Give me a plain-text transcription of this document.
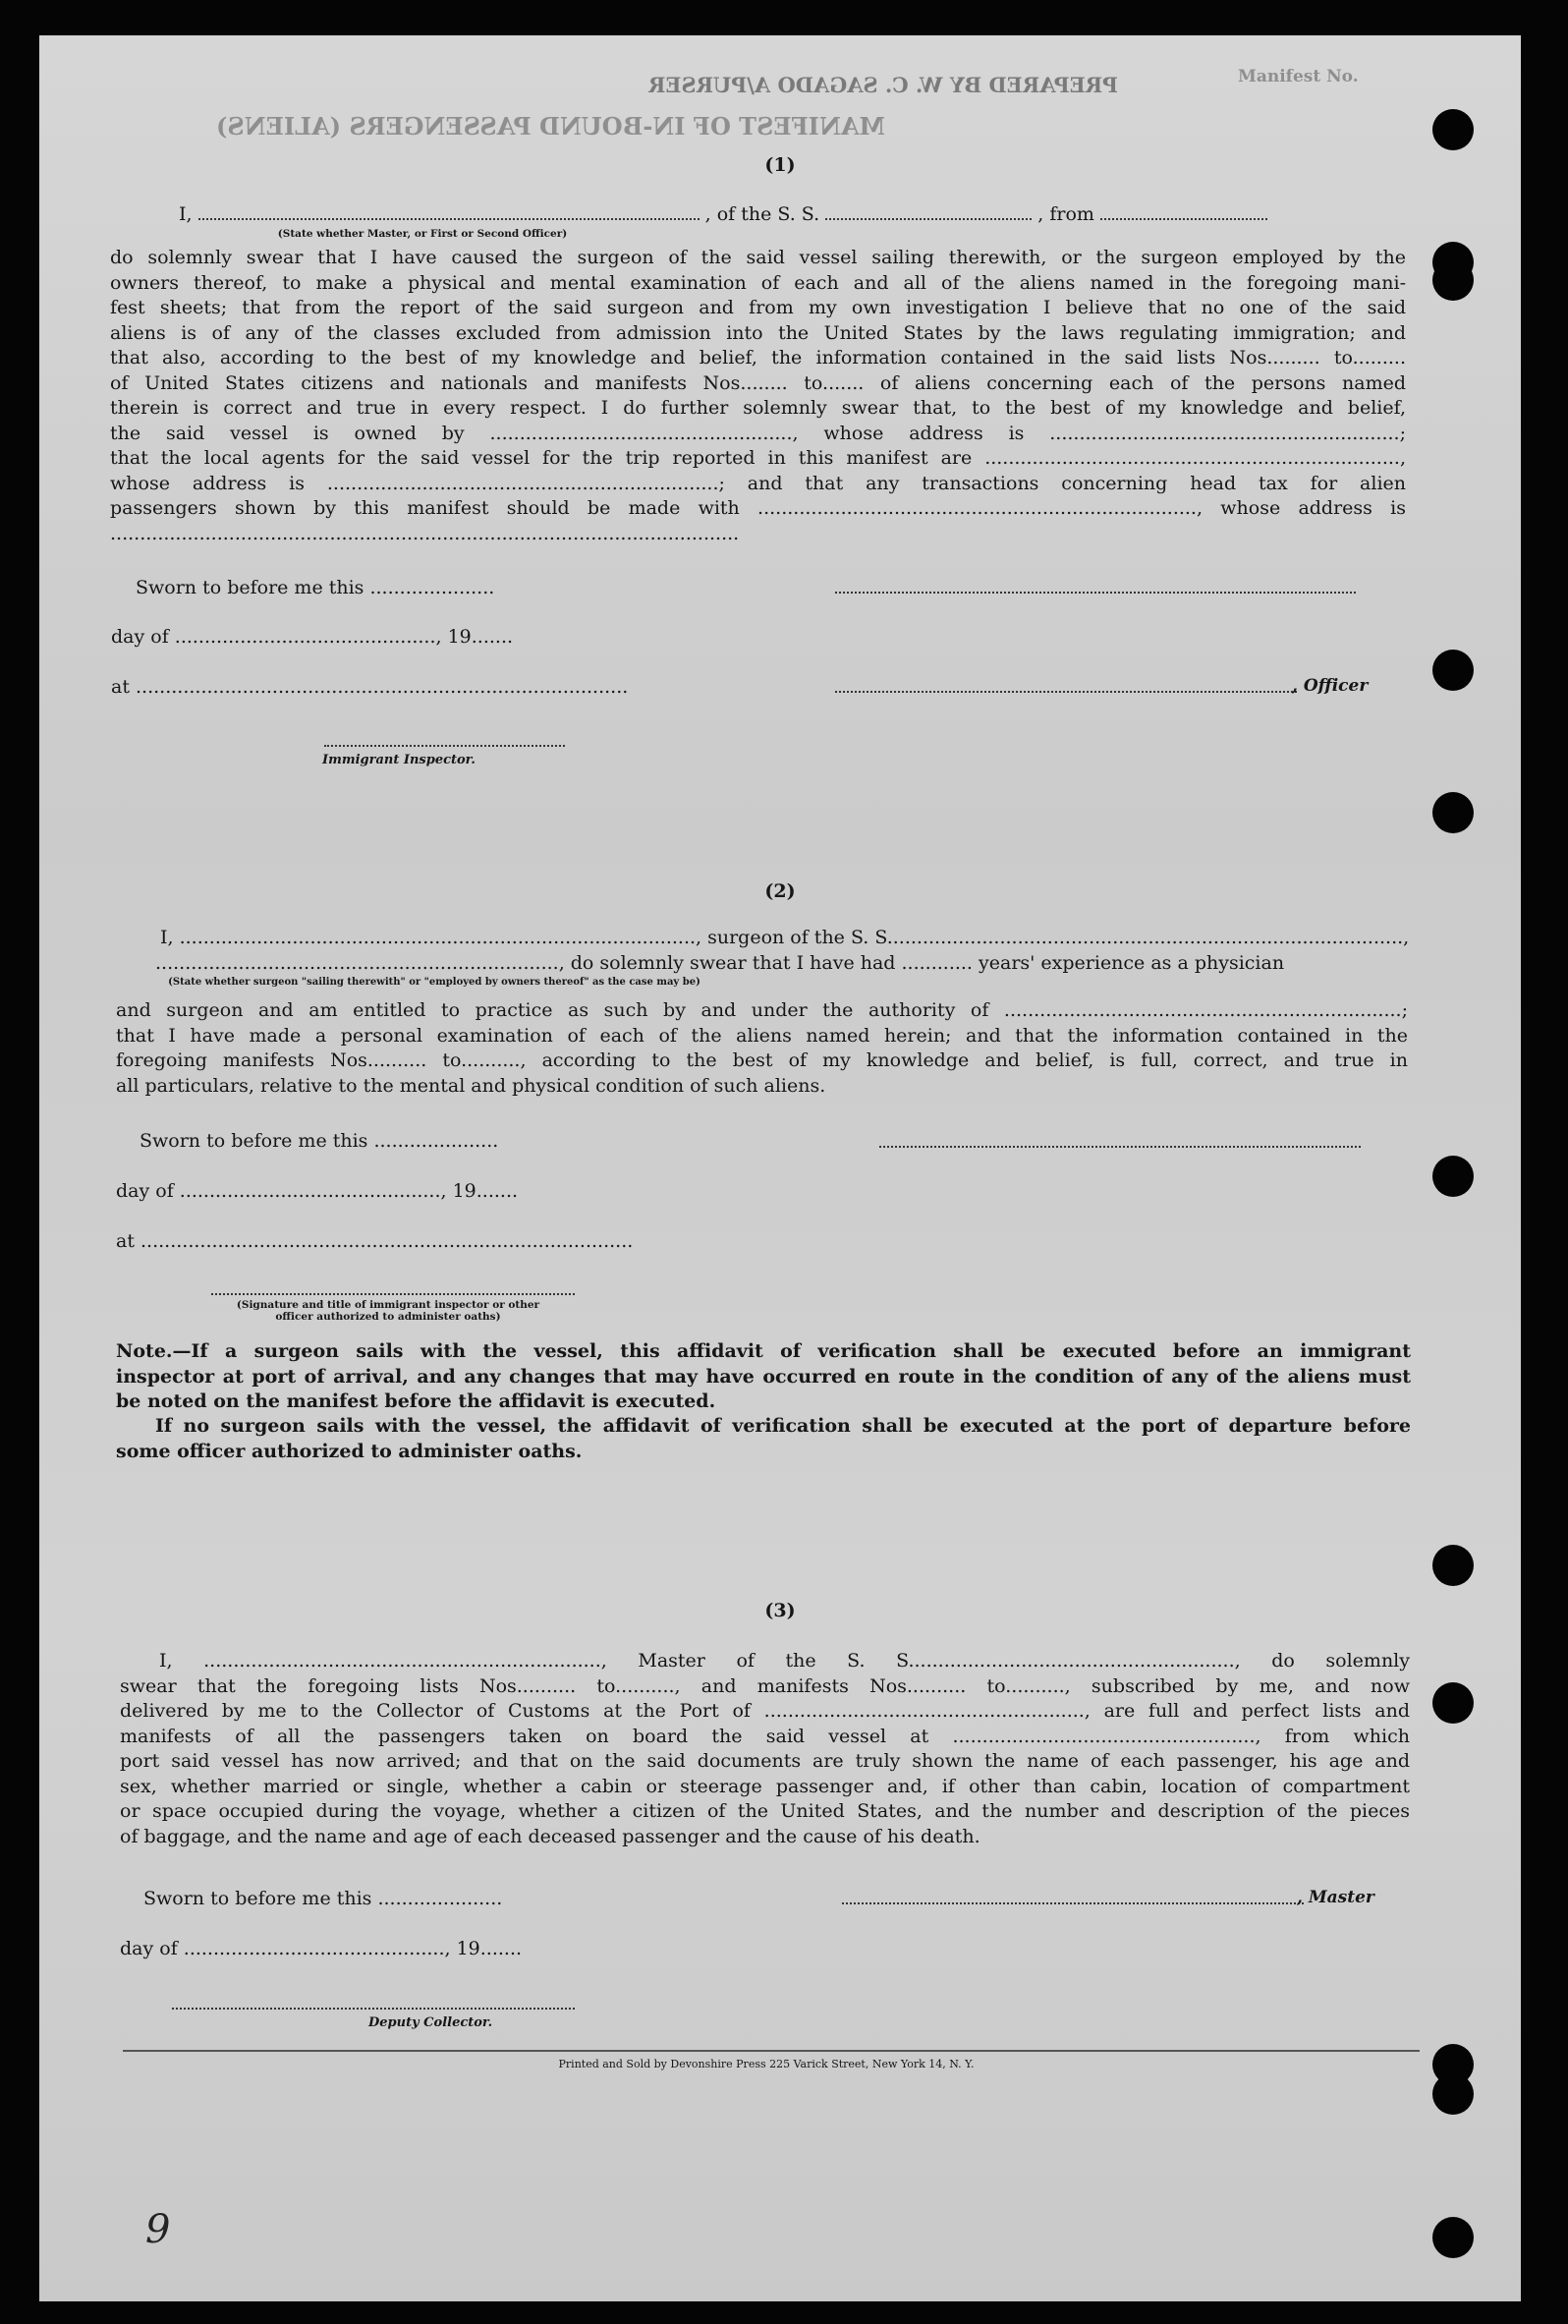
Manifest No.
MANIFEST OF IN-BOUND PASSENGERS (ALIENS)
PREPARED BY W. C. SAGADO A/PURSER
(1)
I,	, of the S. S.	, from
(State whether Master, or First or Second Officer)
do solemnly swear that I have caused the surgeon of the said vessel sailing therewith, or the surgeon employed by the
owners thereof, to make a physical and mental examination of each and all of the aliens named in the foregoing mani-
fest sheets; that from the report of the said surgeon and from my own investigation I believe that no one of the said
aliens is of any of the classes excluded from admission into the United States by the laws regulating immigration; and
that also, according to the best of my knowledge and belief, the information contained in the said lists Nos......... to.........
of United States citizens and nationals and manifests Nos........ to....... of aliens concerning each of the persons named
therein is correct and true in every respect. I do further solemnly swear that, to the best of my knowledge and belief,
the said vessel is owned by ..................................................., whose address is ...........................................................;
that the local agents for the said vessel for the trip reported in this manifest are ......................................................................,
whose address is ..................................................................; and that any transactions concerning head tax for alien
passengers shown by this manifest should be made with .........................................................................., whose address is
..........................................................................................................
Sworn to before me this .....................
day of ............................................, 19.......
at ...................................................................................	, Officer
Immigrant Inspector.
(2)
I, ......................................................................................., surgeon of the S. S.......................................................................................,
...................................................................., do solemnly swear that I have had ............ years' experience as a physician
(State whether surgeon "sailing therewith" or "employed by owners thereof" as the case may be)
and surgeon and am entitled to practice as such by and under the authority of ...................................................................;
that I have made a personal examination of each of the aliens named herein; and that the information contained in the
foregoing manifests Nos.......... to.........., according to the best of my knowledge and belief, is full, correct, and true in
all particulars, relative to the mental and physical condition of such aliens.
Sworn to before me this .....................
day of ............................................, 19.......
at ...................................................................................
(Signature and title of immigrant inspector or other officer authorized to administer oaths)
Note.—If a surgeon sails with the vessel, this affidavit of verification shall be executed before an immigrant
inspector at port of arrival, and any changes that may have occurred en route in the condition of any of the aliens must
be noted on the manifest before the affidavit is executed.
If no surgeon sails with the vessel, the affidavit of verification shall be executed at the port of departure before
some officer authorized to administer oaths.
(3)
I, ..................................................................., Master of the S. S......................................................., do solemnly
swear that the foregoing lists Nos.......... to.........., and manifests Nos.......... to.........., subscribed by me, and now
delivered by me to the Collector of Customs at the Port of ......................................................, are full and perfect lists and
manifests of all the passengers taken on board the said vessel at ..................................................., from which
port said vessel has now arrived; and that on the said documents are truly shown the name of each passenger, his age and
sex, whether married or single, whether a cabin or steerage passenger and, if other than cabin, location of compartment
or space occupied during the voyage, whether a citizen of the United States, and the number and description of the pieces
of baggage, and the name and age of each deceased passenger and the cause of his death.
Sworn to before me this .....................	, Master
day of ............................................, 19.......
Deputy Collector.
Printed and Sold by Devonshire Press 225 Varick Street, New York 14, N. Y.
9
